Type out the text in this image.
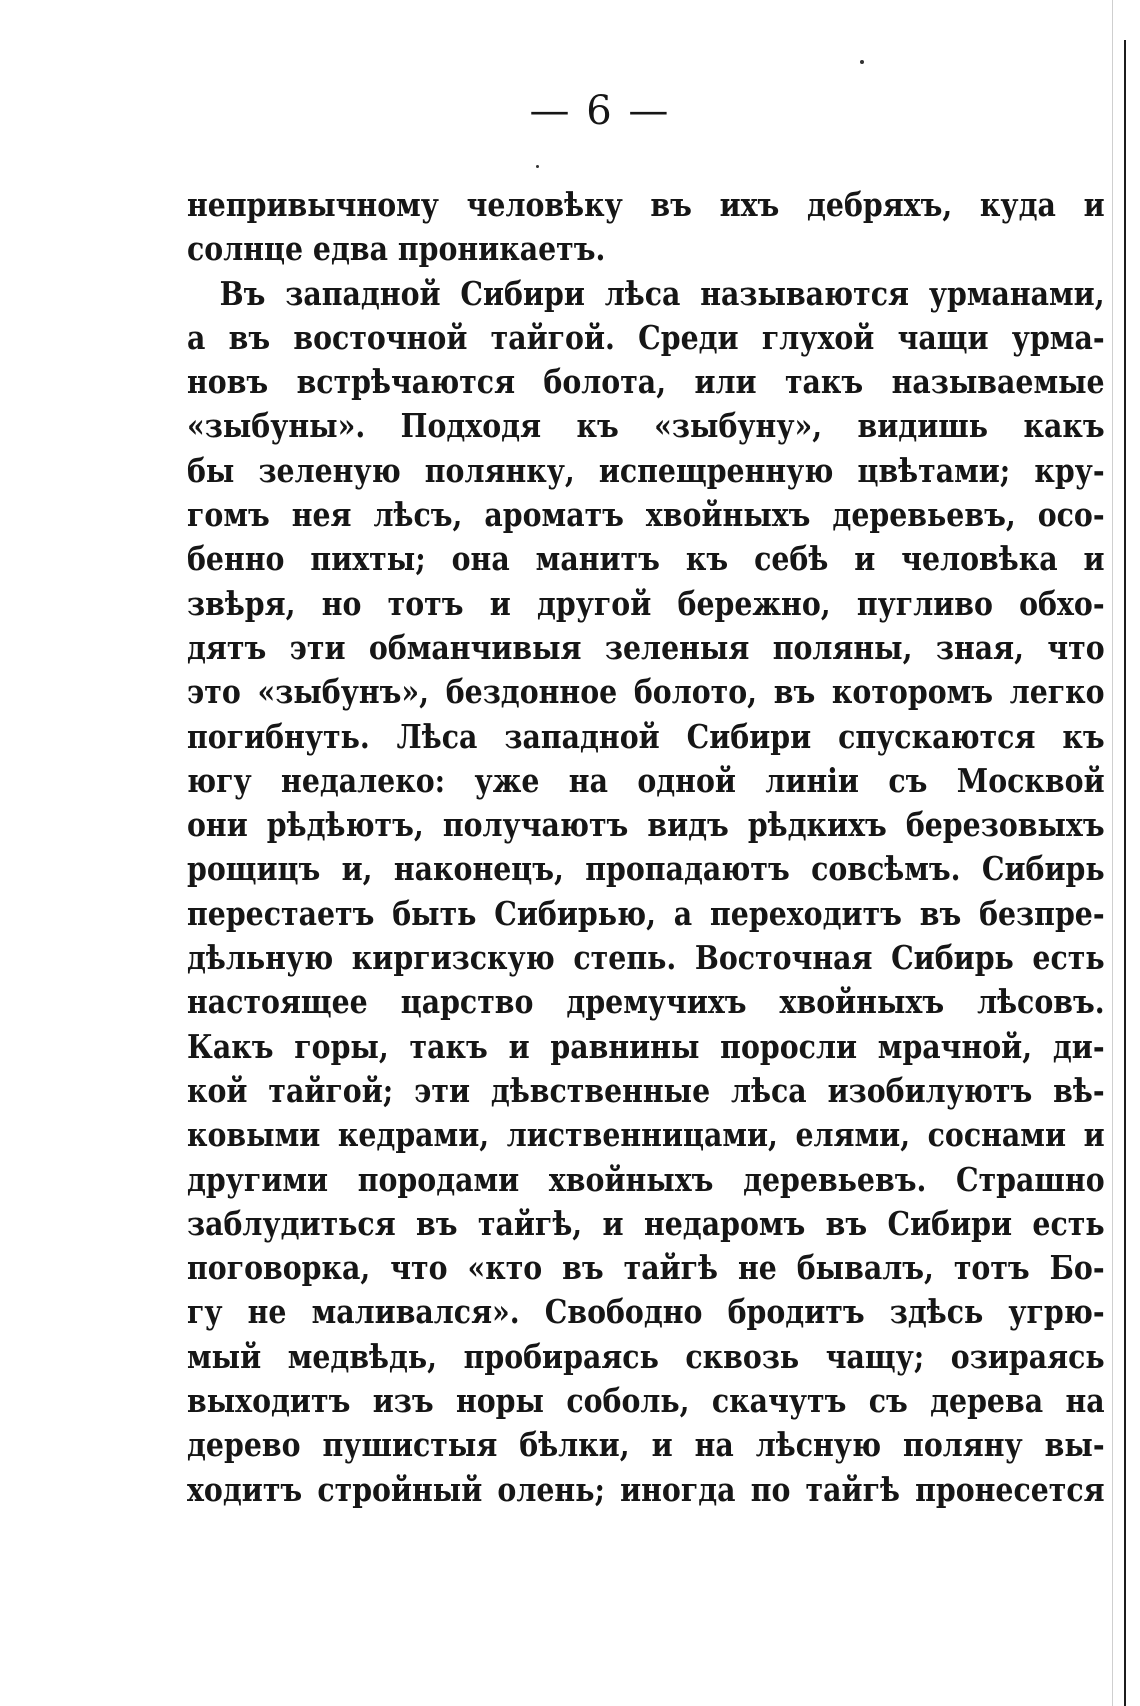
— 6 —
непривычному человѣку въ ихъ дебряхъ, куда и
солнце едва проникаетъ.
Въ западной Сибири лѣса называются урманами,
а въ восточной тайгой. Среди глухой чащи урма-
новъ встрѣчаются болота, или такъ называемые
«зыбуны». Подходя къ «зыбуну», видишь какъ
бы зеленую полянку, испещренную цвѣтами; кру-
гомъ нея лѣсъ, ароматъ хвойныхъ деревьевъ, осо-
бенно пихты; она манитъ къ себѣ и человѣка и
звѣря, но тотъ и другой бережно, пугливо обхо-
дятъ эти обманчивыя зеленыя поляны, зная, что
это «зыбунъ», бездонное болото, въ которомъ легко
погибнуть. Лѣса западной Сибири спускаются къ
югу недалеко: уже на одной линіи съ Москвой
они рѣдѣютъ, получаютъ видъ рѣдкихъ березовыхъ
рощицъ и, наконецъ, пропадаютъ совсѣмъ. Сибирь
перестаетъ быть Сибирью, а переходитъ въ безпре-
дѣльную киргизскую степь. Восточная Сибирь есть
настоящее царство дремучихъ хвойныхъ лѣсовъ.
Какъ горы, такъ и равнины поросли мрачной, ди-
кой тайгой; эти дѣвственные лѣса изобилуютъ вѣ-
ковыми кедрами, лиственницами, елями, соснами и
другими породами хвойныхъ деревьевъ. Страшно
заблудиться въ тайгѣ, и недаромъ въ Сибири есть
поговорка, что «кто въ тайгѣ не бывалъ, тотъ Бо-
гу не маливался». Свободно бродитъ здѣсь угрю-
мый медвѣдь, пробираясь сквозь чащу; озираясь
выходитъ изъ норы соболь, скачутъ съ дерева на
дерево пушистыя бѣлки, и на лѣсную поляну вы-
ходитъ стройный олень; иногда по тайгѣ пронесется
